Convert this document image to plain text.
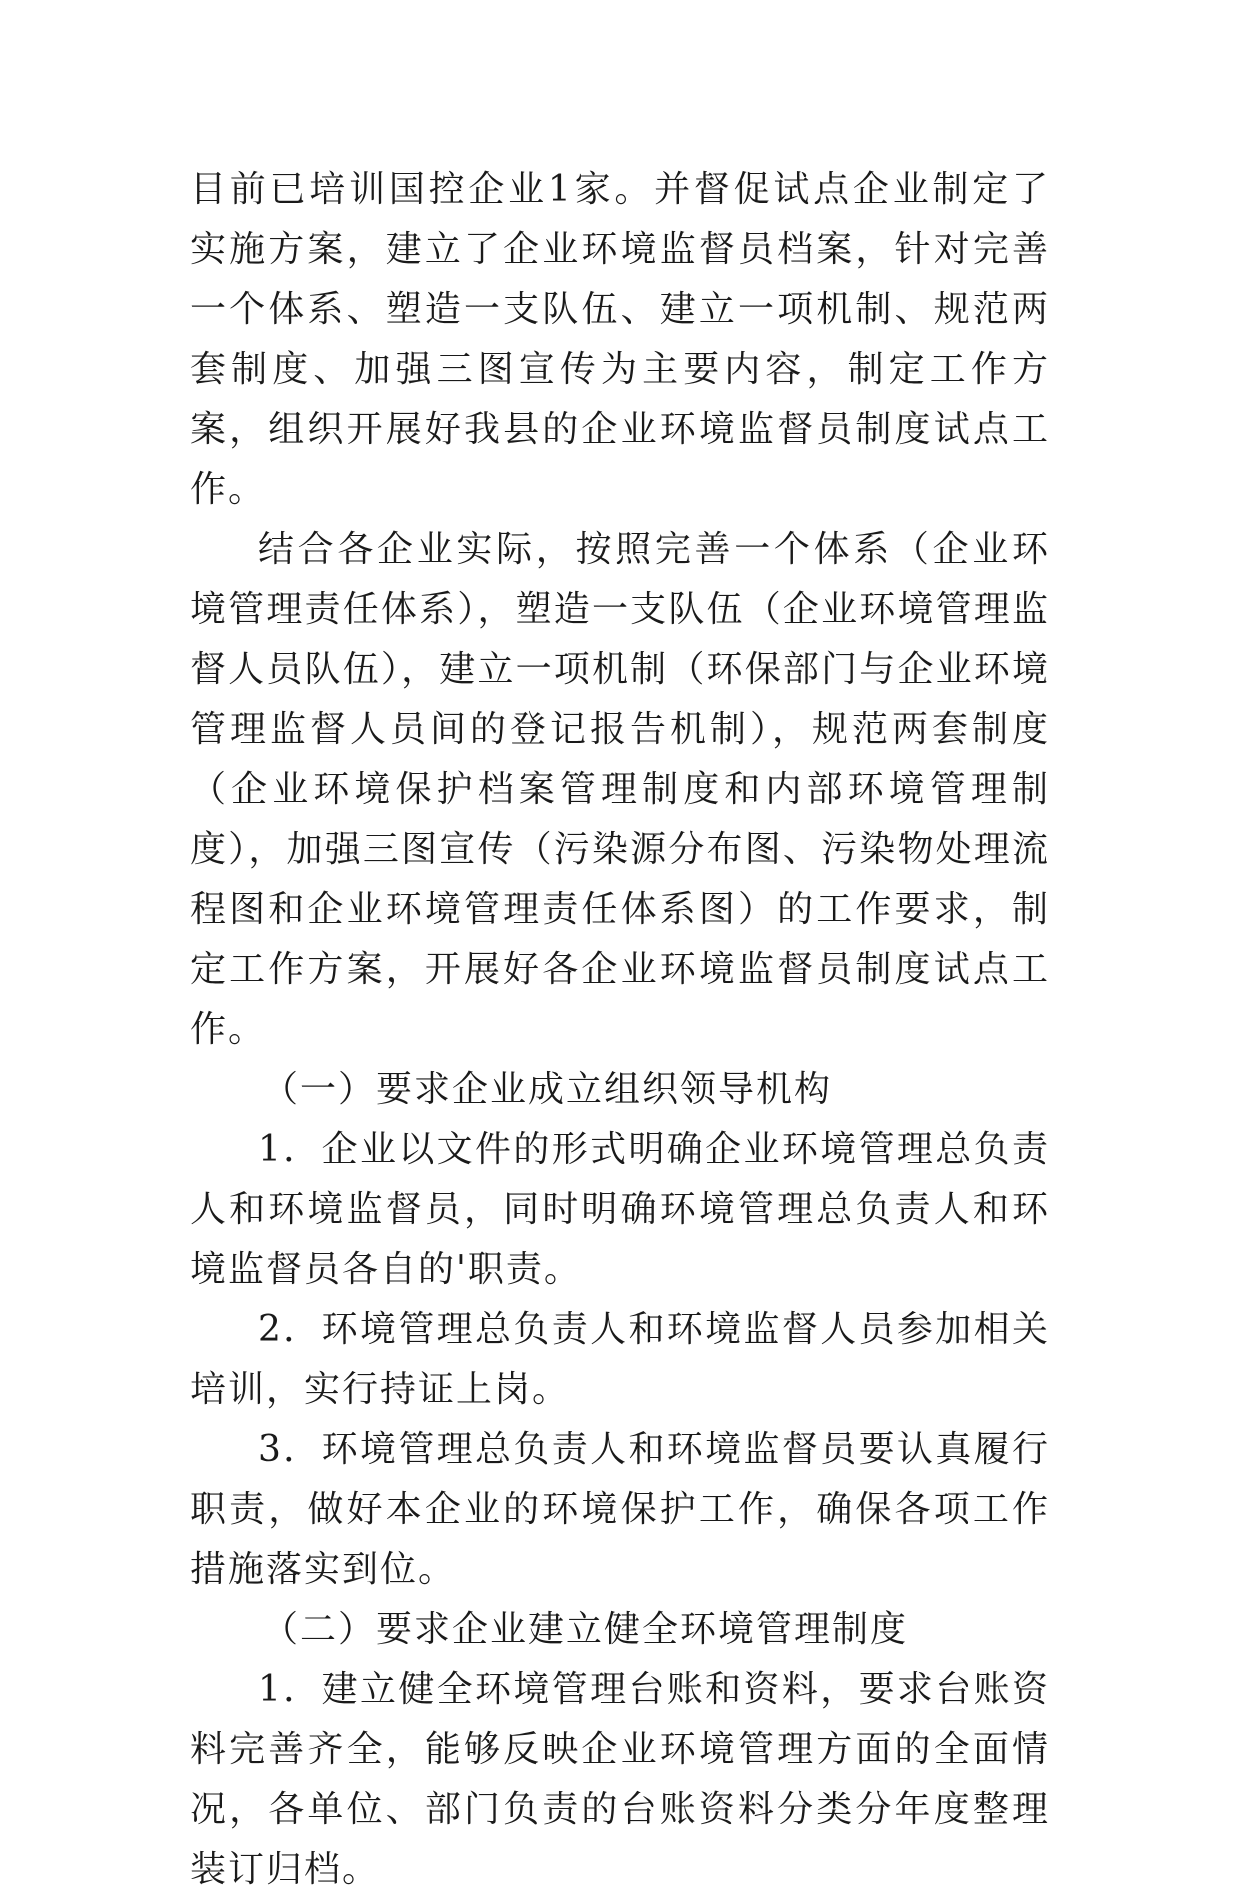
目前已培训国控企业1家。并督促试点企业制定了实施方案，建立了企业环境监督员档案，针对完善一个体系、塑造一支队伍、建立一项机制、规范两套制度、加强三图宣传为主要内容，制定工作方案，组织开展好我县的企业环境监督员制度试点工作。

结合各企业实际，按照完善一个体系（企业环境管理责任体系），塑造一支队伍（企业环境管理监督人员队伍），建立一项机制（环保部门与企业环境管理监督人员间的登记报告机制），规范两套制度（企业环境保护档案管理制度和内部环境管理制度），加强三图宣传（污染源分布图、污染物处理流程图和企业环境管理责任体系图）的工作要求，制定工作方案，开展好各企业环境监督员制度试点工作。

（一）要求企业成立组织领导机构

1．企业以文件的形式明确企业环境管理总负责人和环境监督员，同时明确环境管理总负责人和环境监督员各自的'职责。

2．环境管理总负责人和环境监督人员参加相关培训，实行持证上岗。

3．环境管理总负责人和环境监督员要认真履行职责，做好本企业的环境保护工作，确保各项工作措施落实到位。

（二）要求企业建立健全环境管理制度

1．建立健全环境管理台账和资料，要求台账资料完善齐全，能够反映企业环境管理方面的全面情况，各单位、部门负责的台账资料分类分年度整理装订归档。
